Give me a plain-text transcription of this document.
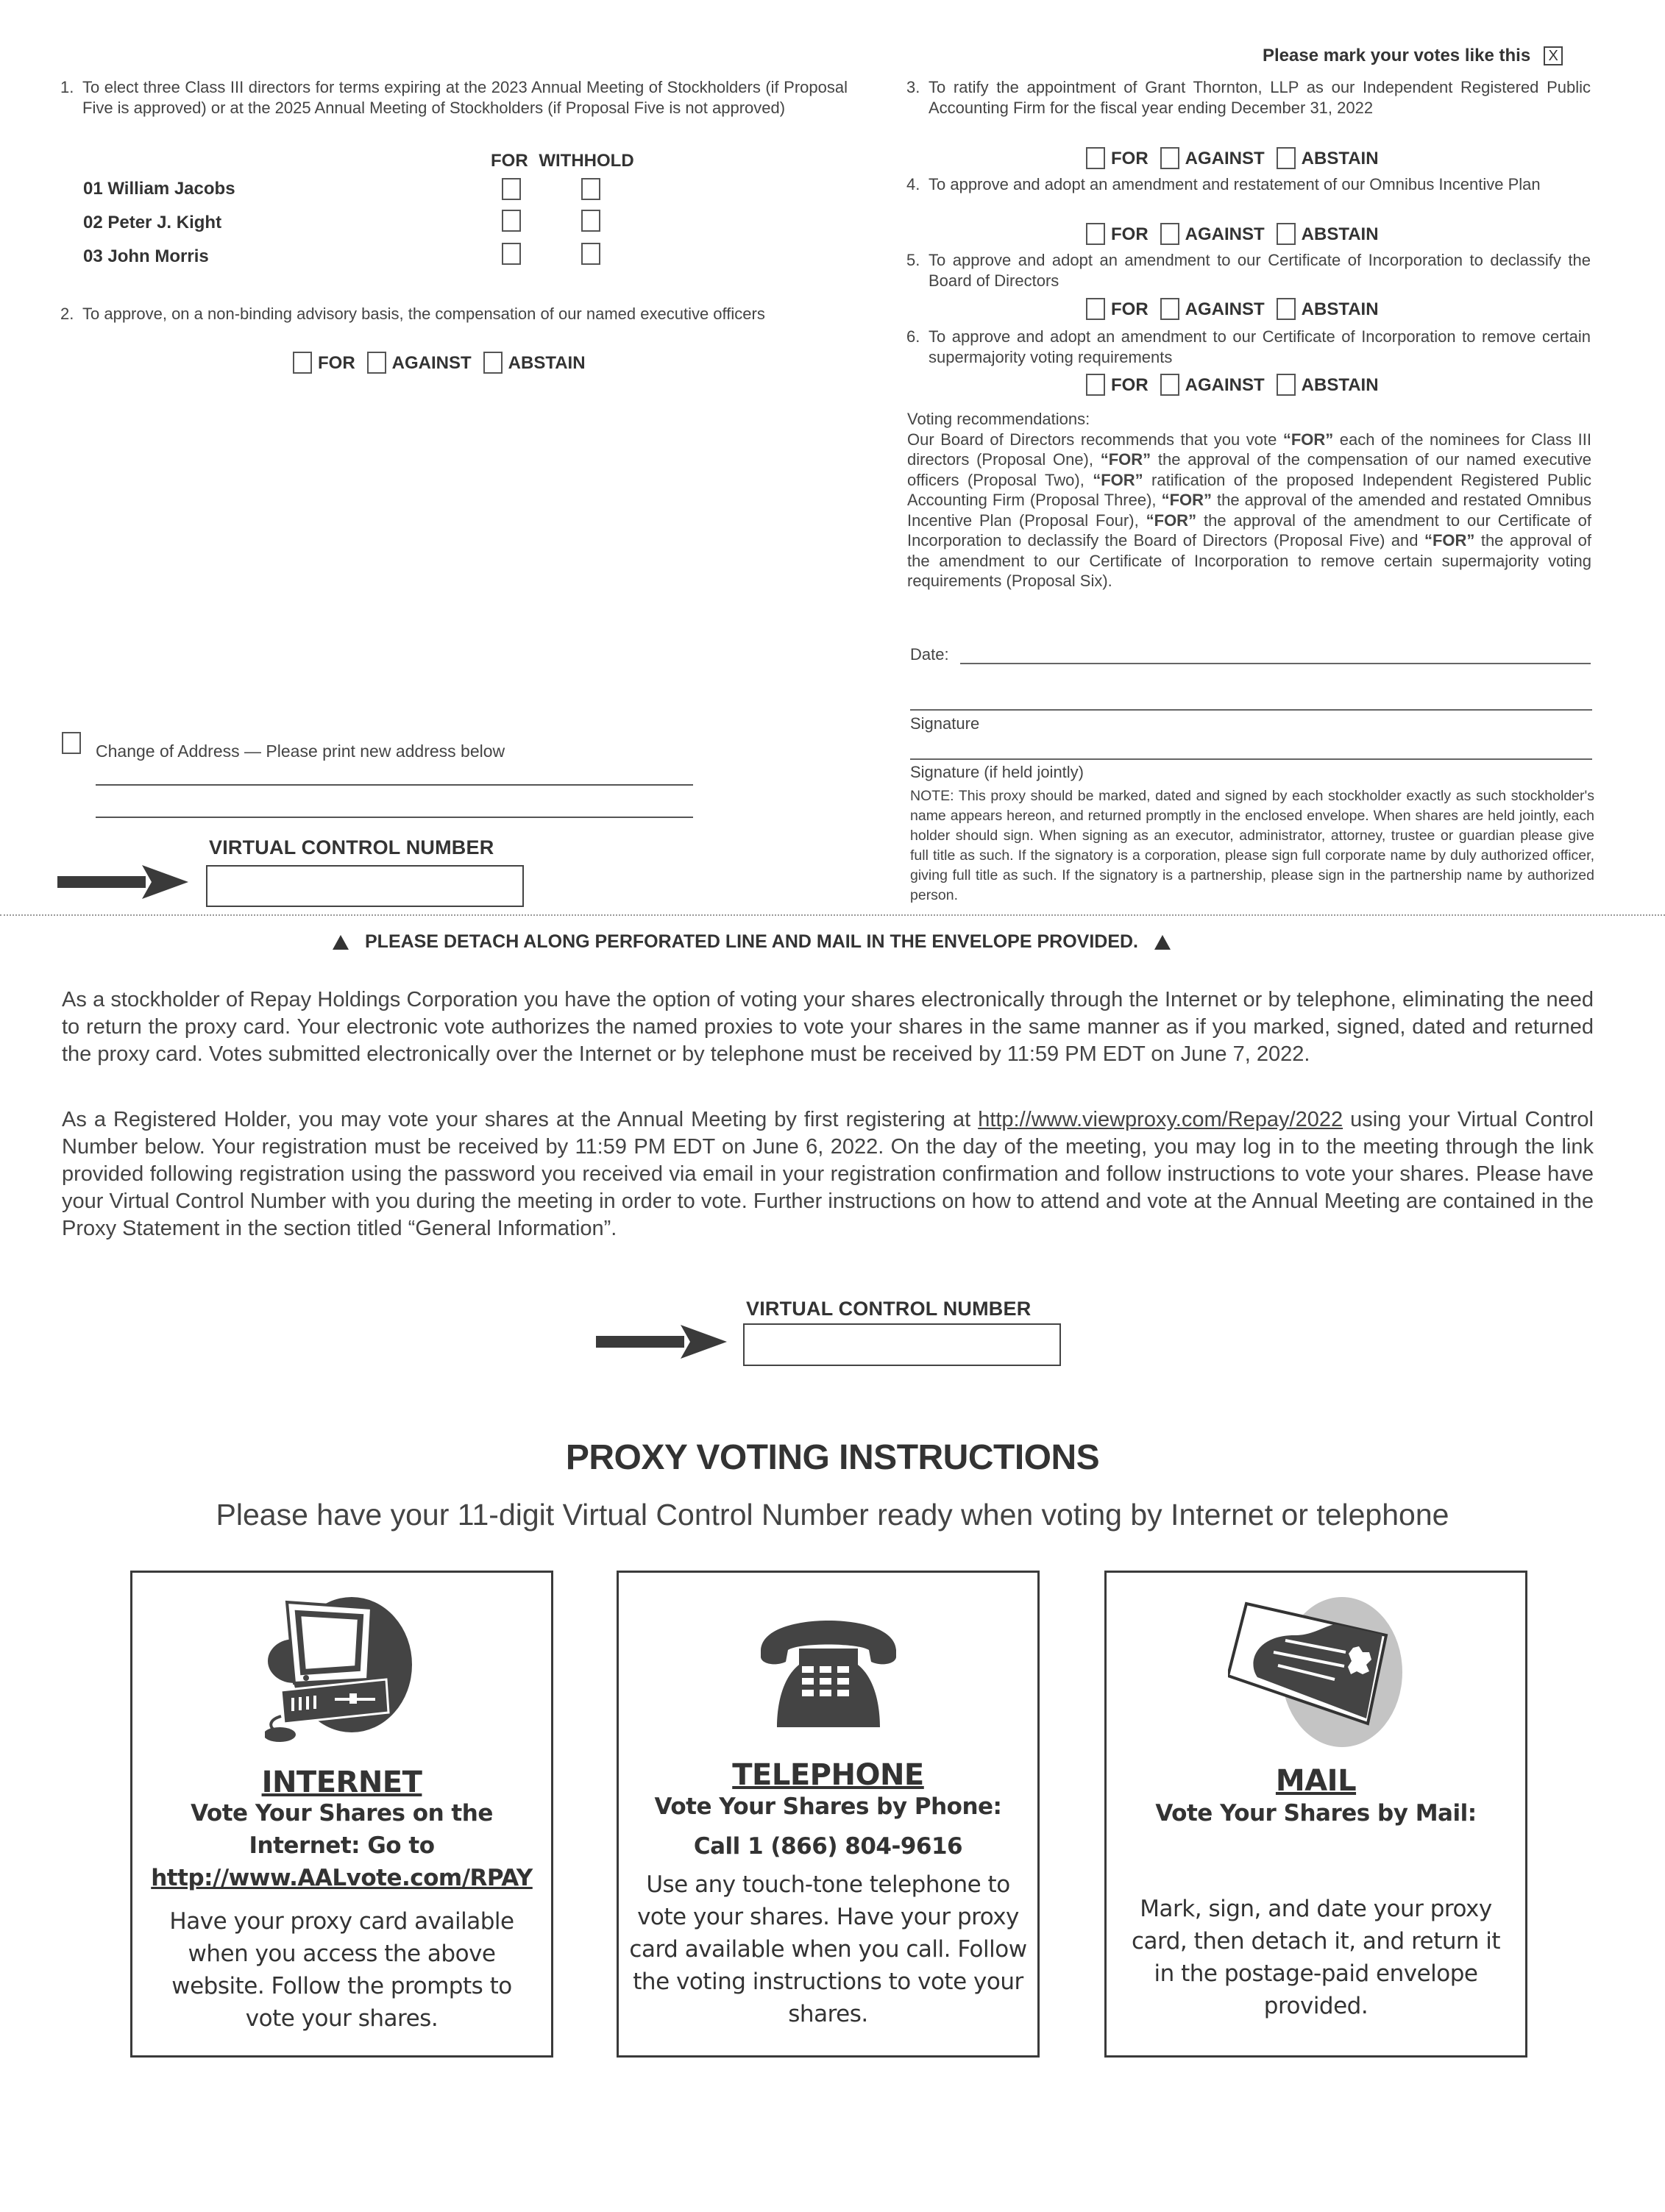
Please mark your votes like this	X
1. To elect three Class III directors for terms expiring at the 2023 Annual Meeting of Stockholders (if Proposal Five is approved) or at the 2025 Annual Meeting of Stockholders (if Proposal Five is not approved)
FOR WITHHOLD
01 William Jacobs
02 Peter J. Kight
03 John Morris
2. To approve, on a non-binding advisory basis, the compensation of our named executive officers
FOR AGAINST ABSTAIN
3. To ratify the appointment of Grant Thornton, LLP as our Independent Registered Public Accounting Firm for the fiscal year ending December 31, 2022
FOR AGAINST ABSTAIN
4. To approve and adopt an amendment and restatement of our Omnibus Incentive Plan
FOR AGAINST ABSTAIN
5. To approve and adopt an amendment to our Certificate of Incorporation to declassify the Board of Directors
FOR AGAINST ABSTAIN
6. To approve and adopt an amendment to our Certificate of Incorporation to remove certain supermajority voting requirements
FOR AGAINST ABSTAIN
Voting recommendations:
Our Board of Directors recommends that you vote “FOR” each of the nominees for Class III directors (Proposal One), “FOR” the approval of the compensation of our named executive officers (Proposal Two), “FOR” ratification of the proposed Independent Registered Public Accounting Firm (Proposal Three), “FOR” the approval of the amended and restated Omnibus Incentive Plan (Proposal Four), “FOR” the approval of the amendment to our Certificate of Incorporation to declassify the Board of Directors (Proposal Five) and “FOR” the approval of the amendment to our Certificate of Incorporation to remove certain supermajority voting requirements (Proposal Six).
Date:
Signature
Signature (if held jointly)
NOTE: This proxy should be marked, dated and signed by each stockholder exactly as such stockholder's name appears hereon, and returned promptly in the enclosed envelope. When shares are held jointly, each holder should sign. When signing as an executor, administrator, attorney, trustee or guardian please give full title as such. If the signatory is a corporation, please sign full corporate name by duly authorized officer, giving full title as such. If the signatory is a partnership, please sign in the partnership name by authorized person.
Change of Address — Please print new address below
VIRTUAL CONTROL NUMBER
PLEASE DETACH ALONG PERFORATED LINE AND MAIL IN THE ENVELOPE PROVIDED.
As a stockholder of Repay Holdings Corporation you have the option of voting your shares electronically through the Internet or by telephone, eliminating the need to return the proxy card. Your electronic vote authorizes the named proxies to vote your shares in the same manner as if you marked, signed, dated and returned the proxy card. Votes submitted electronically over the Internet or by telephone must be received by 11:59 PM EDT on June 7, 2022.
As a Registered Holder, you may vote your shares at the Annual Meeting by first registering at http://www.viewproxy.com/Repay/2022 using your Virtual Control Number below. Your registration must be received by 11:59 PM EDT on June 6, 2022. On the day of the meeting, you may log in to the meeting through the link provided following registration using the password you received via email in your registration confirmation and follow instructions to vote your shares. Please have your Virtual Control Number with you during the meeting in order to vote. Further instructions on how to attend and vote at the Annual Meeting are contained in the Proxy Statement in the section titled “General Information”.
VIRTUAL CONTROL NUMBER
PROXY VOTING INSTRUCTIONS
Please have your 11-digit Virtual Control Number ready when voting by Internet or telephone
INTERNET
Vote Your Shares on the
Internet: Go to
http://www.AALvote.com/RPAY
Have your proxy card available when you access the above website. Follow the prompts to vote your shares.
TELEPHONE
Vote Your Shares by Phone:
Call 1 (866) 804-9616
Use any touch-tone telephone to vote your shares. Have your proxy card available when you call. Follow the voting instructions to vote your shares.
MAIL
Vote Your Shares by Mail:
Mark, sign, and date your proxy card, then detach it, and return it in the postage-paid envelope provided.
